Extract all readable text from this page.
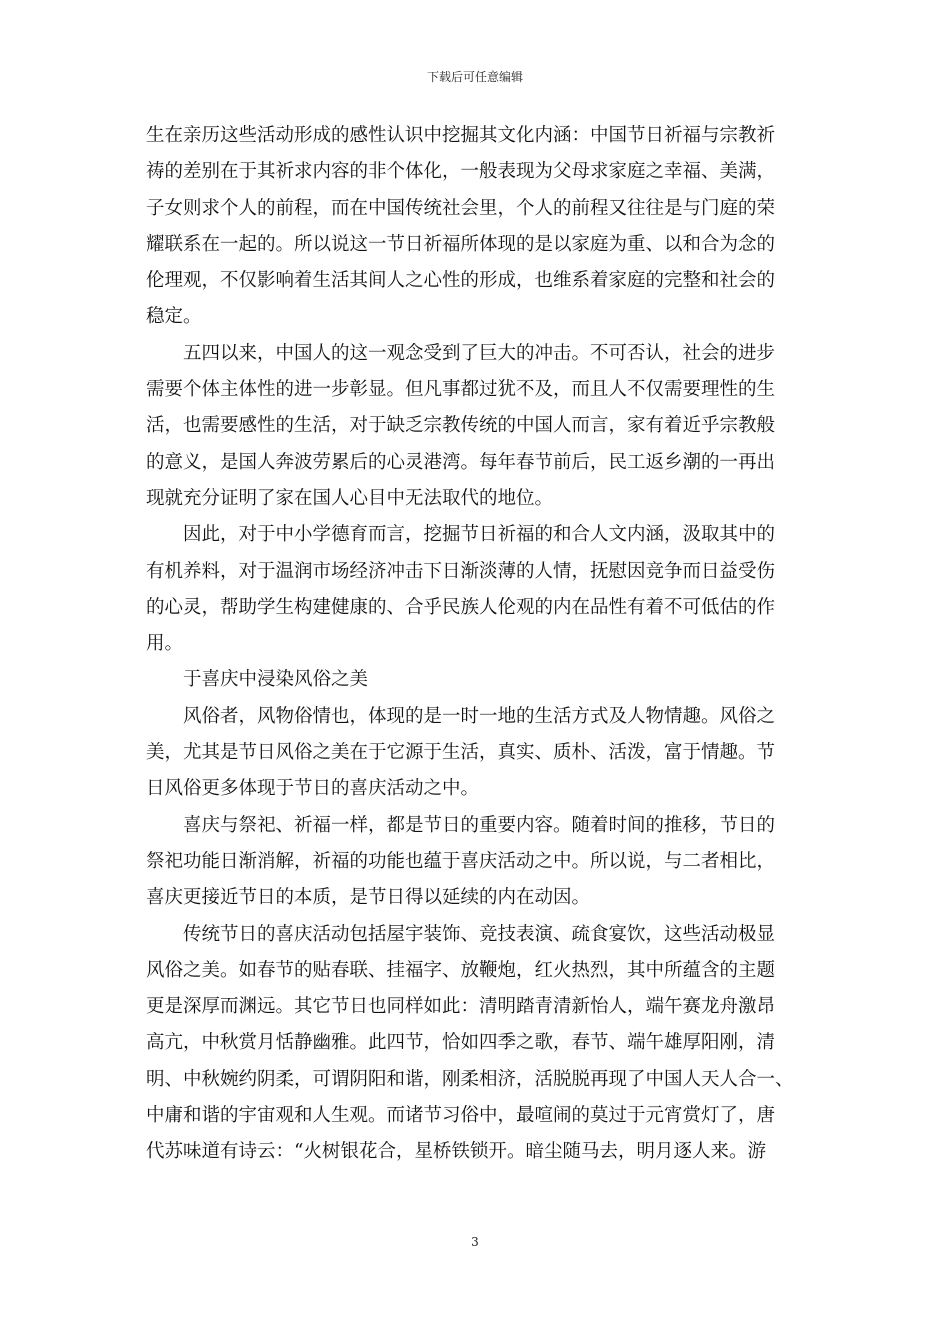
下载后可任意编辑

生在亲历这些活动形成的感性认识中挖掘其文化内涵：中国节日祈福与宗教祈
祷的差别在于其祈求内容的非个体化，一般表现为父母求家庭之幸福、美满，
子女则求个人的前程，而在中国传统社会里，个人的前程又往往是与门庭的荣
耀联系在一起的。所以说这一节日祈福所体现的是以家庭为重、以和合为念的
伦理观，不仅影响着生活其间人之心性的形成，也维系着家庭的完整和社会的
稳定。

五四以来，中国人的这一观念受到了巨大的冲击。不可否认，社会的进步
需要个体主体性的进一步彰显。但凡事都过犹不及，而且人不仅需要理性的生
活，也需要感性的生活，对于缺乏宗教传统的中国人而言，家有着近乎宗教般
的意义，是国人奔波劳累后的心灵港湾。每年春节前后，民工返乡潮的一再出
现就充分证明了家在国人心目中无法取代的地位。

因此，对于中小学德育而言，挖掘节日祈福的和合人文内涵，汲取其中的
有机养料，对于温润市场经济冲击下日渐淡薄的人情，抚慰因竞争而日益受伤
的心灵，帮助学生构建健康的、合乎民族人伦观的内在品性有着不可低估的作
用。

于喜庆中浸染风俗之美

风俗者，风物俗情也，体现的是一时一地的生活方式及人物情趣。风俗之
美，尤其是节日风俗之美在于它源于生活，真实、质朴、活泼，富于情趣。节
日风俗更多体现于节日的喜庆活动之中。

喜庆与祭祀、祈福一样，都是节日的重要内容。随着时间的推移，节日的
祭祀功能日渐消解，祈福的功能也蕴于喜庆活动之中。所以说，与二者相比，
喜庆更接近节日的本质，是节日得以延续的内在动因。

传统节日的喜庆活动包括屋宇装饰、竞技表演、疏食宴饮，这些活动极显
风俗之美。如春节的贴春联、挂福字、放鞭炮，红火热烈，其中所蕴含的主题
更是深厚而渊远。其它节日也同样如此：清明踏青清新怡人，端午赛龙舟激昂
高亢，中秋赏月恬静幽雅。此四节，恰如四季之歌，春节、端午雄厚阳刚，清
明、中秋婉约阴柔，可谓阴阳和谐，刚柔相济，活脱脱再现了中国人天人合一、
中庸和谐的宇宙观和人生观。而诸节习俗中，最喧闹的莫过于元宵赏灯了，唐
代苏味道有诗云：“火树银花合，星桥铁锁开。暗尘随马去，明月逐人来。游

3
